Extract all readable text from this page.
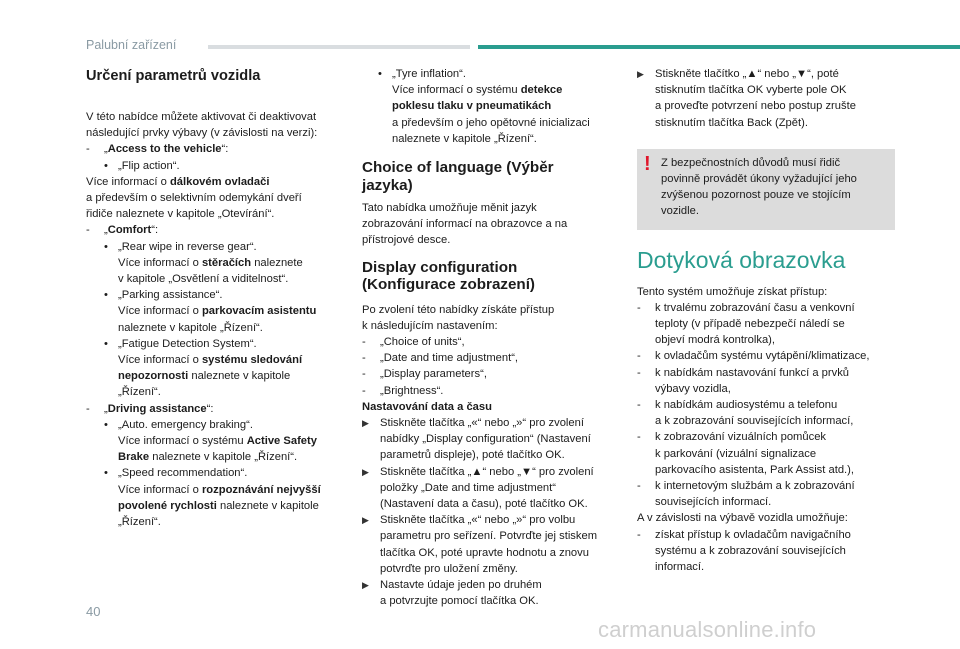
Palubní zařízení
Určení parametrů vozidla

V této nabídce můžete aktivovat či deaktivovat

následující prvky výbavy (v závislosti na verzi):

- „Access to the vehicle“:

• „Flip action“.

Více informací o dálkovém ovladači

a především o selektivním odemykání dveří

řidiče naleznete v kapitole „Otevírání“.

- „Comfort“:

• „Rear wipe in reverse gear“.

Více informací o stěračích naleznete

v kapitole „Osvětlení a viditelnost“.

• „Parking assistance“.

Více informací o parkovacím asistentu

naleznete v kapitole „Řízení“.

• „Fatigue Detection System“.

Více informací o systému sledování

nepozornosti naleznete v kapitole

„Řízení“.

- „Driving assistance“:

• „Auto. emergency braking“.

Více informací o systému Active Safety

Brake naleznete v kapitole „Řízení“.

• „Speed recommendation“.

Více informací o rozpoznávání nejvyšší

povolené rychlosti naleznete v kapitole

„Řízení“.

• „Tyre inflation“.

Více informací o systému detekce

poklesu tlaku v pneumatikách

a především o jeho opětovné inicializaci

naleznete v kapitole „Řízení“.

Choice of language (Výběr
jazyka)

Tato nabídka umožňuje měnit jazyk

zobrazování informací na obrazovce a na

přístrojové desce.

Display configuration
(Konfigurace zobrazení)

Po zvolení této nabídky získáte přístup

k následujícím nastavením:

- „Choice of units“,

- „Date and time adjustment“,

- „Display parameters“,

- „Brightness“.

Nastavování data a času

▶ Stiskněte tlačítka „«“ nebo „»“ pro zvolení

nabídky „Display configuration“ (Nastavení

parametrů displeje), poté tlačítko OK.

▶ Stiskněte tlačítka „▲“ nebo „▼“ pro zvolení

položky „Date and time adjustment“

(Nastavení data a času), poté tlačítko OK.

▶ Stiskněte tlačítka „«“ nebo „»“ pro volbu

parametru pro seřízení. Potvrďte jej stiskem

tlačítka OK, poté upravte hodnotu a znovu

potvrďte pro uložení změny.

▶ Nastavte údaje jeden po druhém

a potvrzujte pomocí tlačítka OK.

▶ Stiskněte tlačítko „▲“ nebo „▼“, poté

stisknutím tlačítka OK vyberte pole OK

a proveďte potvrzení nebo postup zrušte

stisknutím tlačítka Back (Zpět).

! Z bezpečnostních důvodů musí řidič

povinně provádět úkony vyžadující jeho

zvýšenou pozornost pouze ve stojícím

vozidle.

Dotyková obrazovka

Tento systém umožňuje získat přístup:

- k trvalému zobrazování času a venkovní

teploty (v případě nebezpečí náledí se

objeví modrá kontrolka),

- k ovladačům systému vytápění/klimatizace,

- k nabídkám nastavování funkcí a prvků

výbavy vozidla,

- k nabídkám audiosystému a telefonu

a k zobrazování souvisejících informací,

- k zobrazování vizuálních pomůcek

k parkování (vizuální signalizace

parkovacího asistenta, Park Assist atd.),

- k internetovým službám a k zobrazování

souvisejících informací.

A v závislosti na výbavě vozidla umožňuje:

- získat přístup k ovladačům navigačního

systému a k zobrazování souvisejících

informací.

40
carmanualsonline.info
